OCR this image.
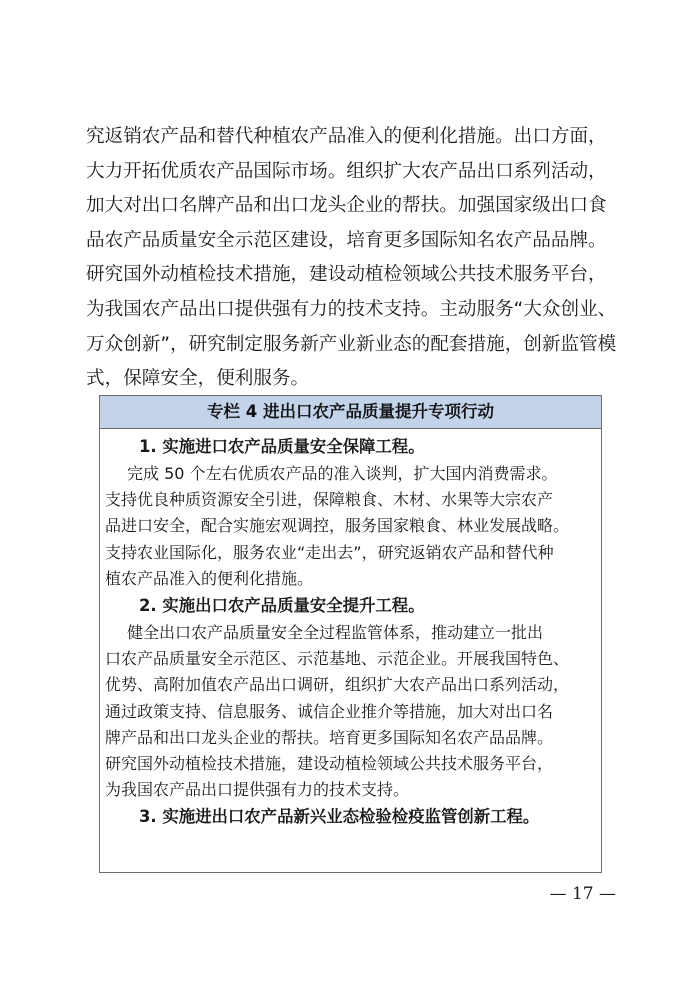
究返销农产品和替代种植农产品准入的便利化措施。出口方面，
大力开拓优质农产品国际市场。组织扩大农产品出口系列活动，
加大对出口名牌产品和出口龙头企业的帮扶。加强国家级出口食
品农产品质量安全示范区建设，培育更多国际知名农产品品牌。
研究国外动植检技术措施，建设动植检领域公共技术服务平台，
为我国农产品出口提供强有力的技术支持。主动服务“大众创业、
万众创新”，研究制定服务新产业新业态的配套措施，创新监管模
式，保障安全，便利服务。
专栏 4 进出口农产品质量提升专项行动
1. 实施进口农产品质量安全保障工程。
完成 50 个左右优质农产品的准入谈判，扩大国内消费需求。
支持优良种质资源安全引进，保障粮食、木材、水果等大宗农产
品进口安全，配合实施宏观调控，服务国家粮食、林业发展战略。
支持农业国际化，服务农业“走出去”，研究返销农产品和替代种
植农产品准入的便利化措施。
2. 实施出口农产品质量安全提升工程。
健全出口农产品质量安全全过程监管体系，推动建立一批出
口农产品质量安全示范区、示范基地、示范企业。开展我国特色、
优势、高附加值农产品出口调研，组织扩大农产品出口系列活动，
通过政策支持、信息服务、诚信企业推介等措施，加大对出口名
牌产品和出口龙头企业的帮扶。培育更多国际知名农产品品牌。
研究国外动植检技术措施，建设动植检领域公共技术服务平台，
为我国农产品出口提供强有力的技术支持。
3. 实施进出口农产品新兴业态检验检疫监管创新工程。
— 17 —
